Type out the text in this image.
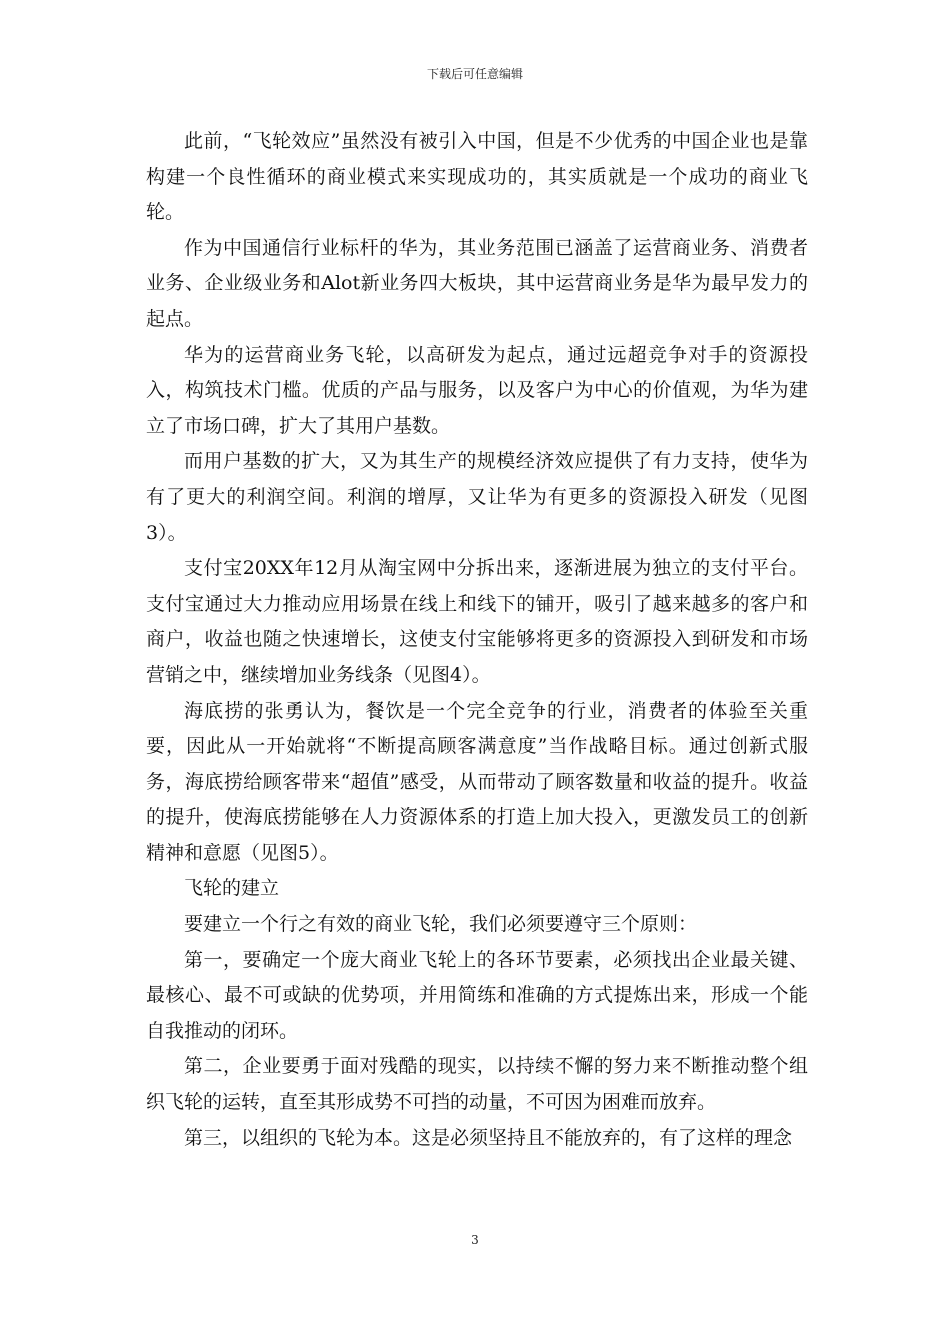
下载后可任意编辑

此前，“飞轮效应”虽然没有被引入中国，但是不少优秀的中国企业也是靠构建一个良性循环的商业模式来实现成功的，其实质就是一个成功的商业飞轮。

作为中国通信行业标杆的华为，其业务范围已涵盖了运营商业务、消费者业务、企业级业务和Alot新业务四大板块，其中运营商业务是华为最早发力的起点。

华为的运营商业务飞轮，以高研发为起点，通过远超竞争对手的资源投入，构筑技术门槛。优质的产品与服务，以及客户为中心的价值观，为华为建立了市场口碑，扩大了其用户基数。

而用户基数的扩大，又为其生产的规模经济效应提供了有力支持，使华为有了更大的利润空间。利润的增厚，又让华为有更多的资源投入研发（见图3）。

支付宝20XX年12月从淘宝网中分拆出来，逐渐进展为独立的支付平台。支付宝通过大力推动应用场景在线上和线下的铺开，吸引了越来越多的客户和商户，收益也随之快速增长，这使支付宝能够将更多的资源投入到研发和市场营销之中，继续增加业务线条（见图4）。

海底捞的张勇认为，餐饮是一个完全竞争的行业，消费者的体验至关重要，因此从一开始就将“不断提高顾客满意度”当作战略目标。通过创新式服务，海底捞给顾客带来“超值”感受，从而带动了顾客数量和收益的提升。收益的提升，使海底捞能够在人力资源体系的打造上加大投入，更激发员工的创新精神和意愿（见图5）。

飞轮的建立

要建立一个行之有效的商业飞轮，我们必须要遵守三个原则：

第一，要确定一个庞大商业飞轮上的各环节要素，必须找出企业最关键、最核心、最不可或缺的优势项，并用简练和准确的方式提炼出来，形成一个能自我推动的闭环。

第二，企业要勇于面对残酷的现实，以持续不懈的努力来不断推动整个组织飞轮的运转，直至其形成势不可挡的动量，不可因为困难而放弃。

第三，以组织的飞轮为本。这是必须坚持且不能放弃的，有了这样的理念

3
